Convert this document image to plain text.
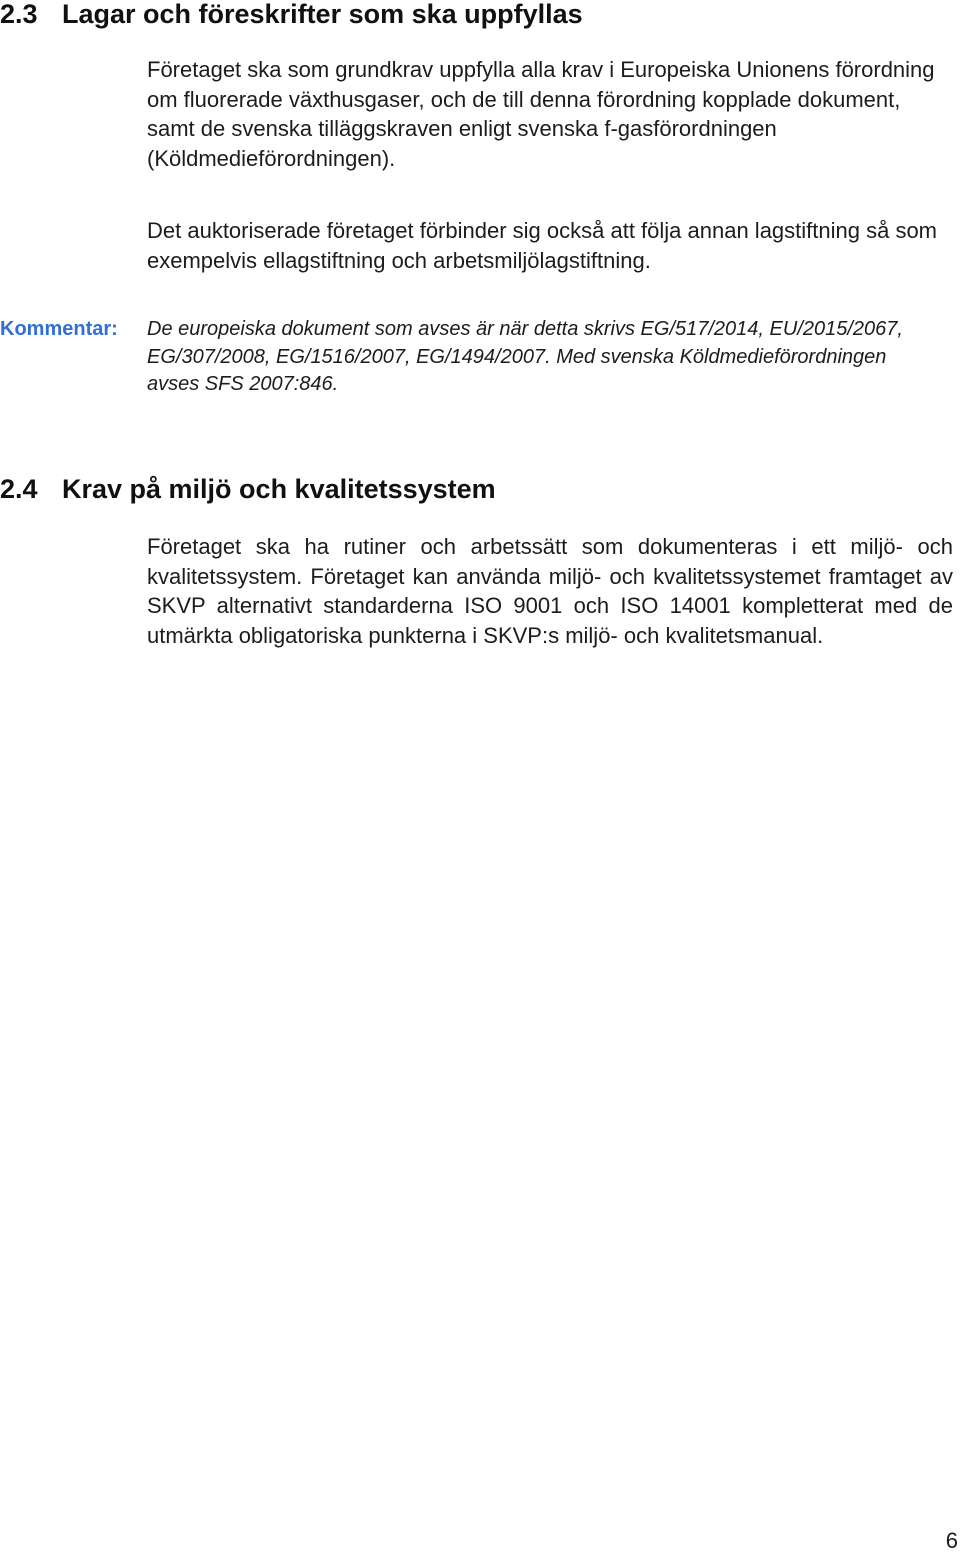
2.3 Lagar och föreskrifter som ska uppfyllas

Företaget ska som grundkrav uppfylla alla krav i Europeiska Unionens förordning om fluorerade växthusgaser, och de till denna förordning kopplade dokument, samt de svenska tilläggskraven enligt svenska f-gasförordningen (Köldmedieförordningen).

Det auktoriserade företaget förbinder sig också att följa annan lagstiftning så som exempelvis ellagstiftning och arbetsmiljölagstiftning.

Kommentar: De europeiska dokument som avses är när detta skrivs EG/517/2014, EU/2015/2067, EG/307/2008, EG/1516/2007, EG/1494/2007. Med svenska Köldmedieförordningen avses SFS 2007:846.

2.4 Krav på miljö och kvalitetssystem

Företaget ska ha rutiner och arbetssätt som dokumenteras i ett miljö- och kvalitetssystem. Företaget kan använda miljö- och kvalitetssystemet framtaget av SKVP alternativt standarderna ISO 9001 och ISO 14001 kompletterat med de utmärkta obligatoriska punkterna i SKVP:s miljö- och kvalitetsmanual.

6
